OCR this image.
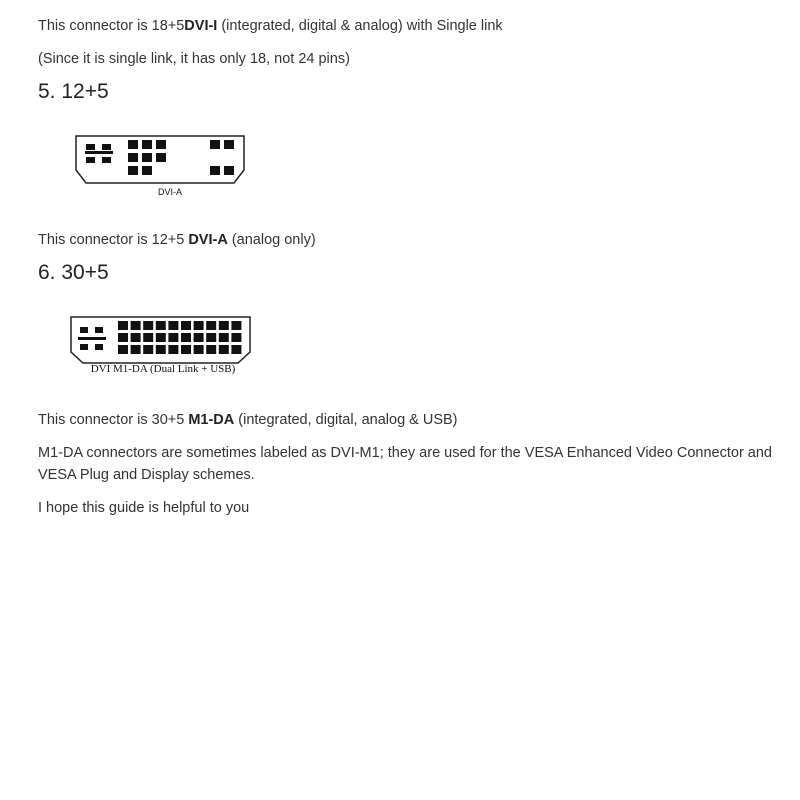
This connector is 18+5DVI-I (integrated, digital & analog) with Single link
(Since it is single link, it has only 18, not 24 pins)
5. 12+5
DVI-A
This connector is 12+5 DVI-A (analog only)
6. 30+5
DVI M1-DA (Dual Link + USB)
This connector is 30+5 M1-DA (integrated, digital, analog & USB)
M1-DA connectors are sometimes labeled as DVI-M1; they are used for the VESA Enhanced Video Connector and VESA Plug and Display schemes.
I hope this guide is helpful to you
